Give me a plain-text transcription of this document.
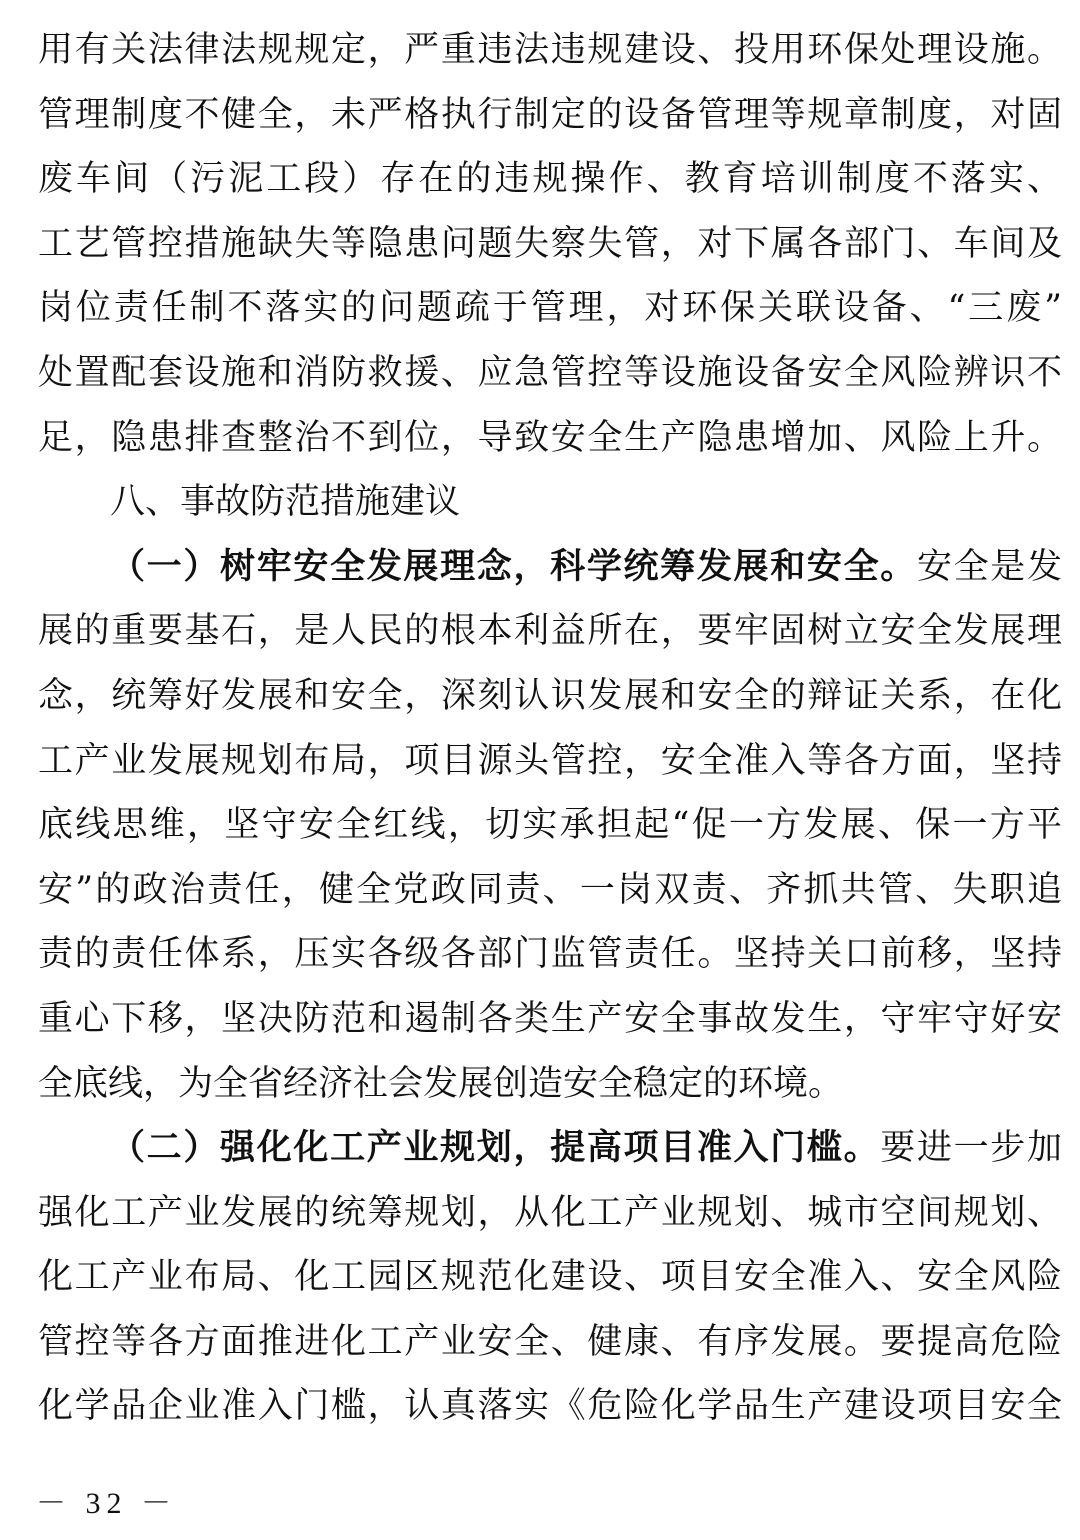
用有关法律法规规定，严重违法违规建设、投用环保处理设施。
管理制度不健全，未严格执行制定的设备管理等规章制度，对固
废车间（污泥工段）存在的违规操作、教育培训制度不落实、
工艺管控措施缺失等隐患问题失察失管，对下属各部门、车间及
岗位责任制不落实的问题疏于管理，对环保关联设备、“三废”
处置配套设施和消防救援、应急管控等设施设备安全风险辨识不
足，隐患排查整治不到位，导致安全生产隐患增加、风险上升。
八、事故防范措施建议
（一）树牢安全发展理念，科学统筹发展和安全。安全是发
展的重要基石，是人民的根本利益所在，要牢固树立安全发展理
念，统筹好发展和安全，深刻认识发展和安全的辩证关系，在化
工产业发展规划布局，项目源头管控，安全准入等各方面，坚持
底线思维，坚守安全红线，切实承担起“促一方发展、保一方平
安”的政治责任，健全党政同责、一岗双责、齐抓共管、失职追
责的责任体系，压实各级各部门监管责任。坚持关口前移，坚持
重心下移，坚决防范和遏制各类生产安全事故发生，守牢守好安
全底线，为全省经济社会发展创造安全稳定的环境。
（二）强化化工产业规划，提高项目准入门槛。要进一步加
强化工产业发展的统筹规划，从化工产业规划、城市空间规划、
化工产业布局、化工园区规范化建设、项目安全准入、安全风险
管控等各方面推进化工产业安全、健康、有序发展。要提高危险
化学品企业准入门槛，认真落实《危险化学品生产建设项目安全
－ 32 －
